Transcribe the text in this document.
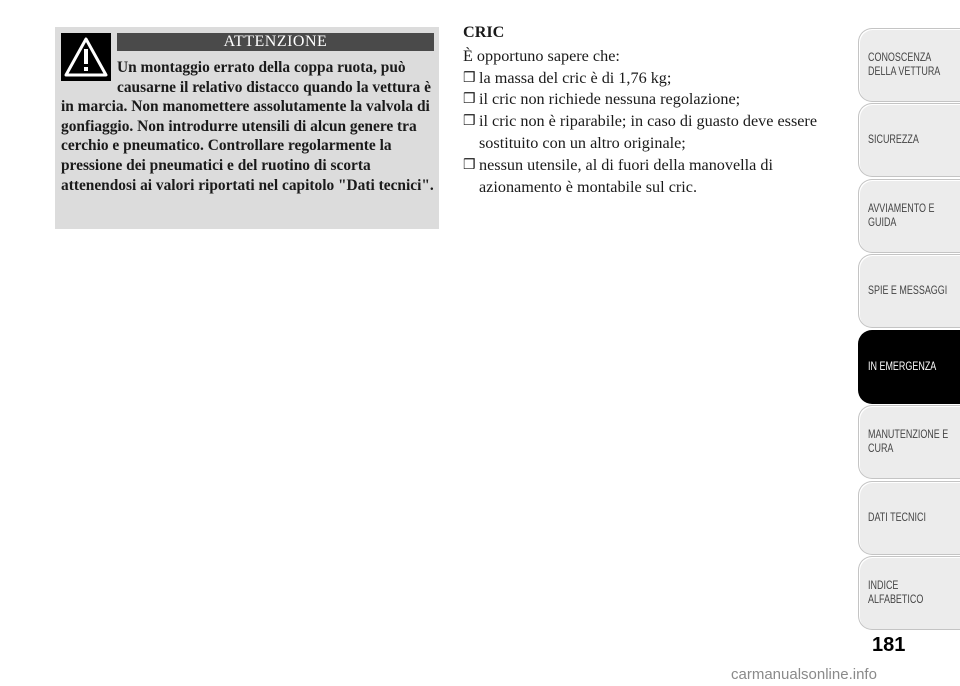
ATTENZIONE

Un montaggio errato della coppa ruota, può causarne il relativo distacco quando la vettura è in marcia. Non manomettere assolutamente la valvola di gonfiaggio. Non introdurre utensili di alcun genere tra cerchio e pneumatico. Controllare regolarmente la pressione dei pneumatici e del ruotino di scorta attenendosi ai valori riportati nel capitolo "Dati tecnici".

CRIC

È opportuno sapere che:

❒ la massa del cric è di 1,76 kg;
❒ il cric non richiede nessuna regolazione;
❒ il cric non è riparabile; in caso di guasto deve essere sostituito con un altro originale;
❒ nessun utensile, al di fuori della manovella di azionamento è montabile sul cric.
CONOSCENZA DELLA VETTURA
SICUREZZA
AVVIAMENTO E GUIDA
SPIE E MESSAGGI
IN EMERGENZA
MANUTENZIONE E CURA
DATI TECNICI
INDICE ALFABETICO
181
carmanualsonline.info
